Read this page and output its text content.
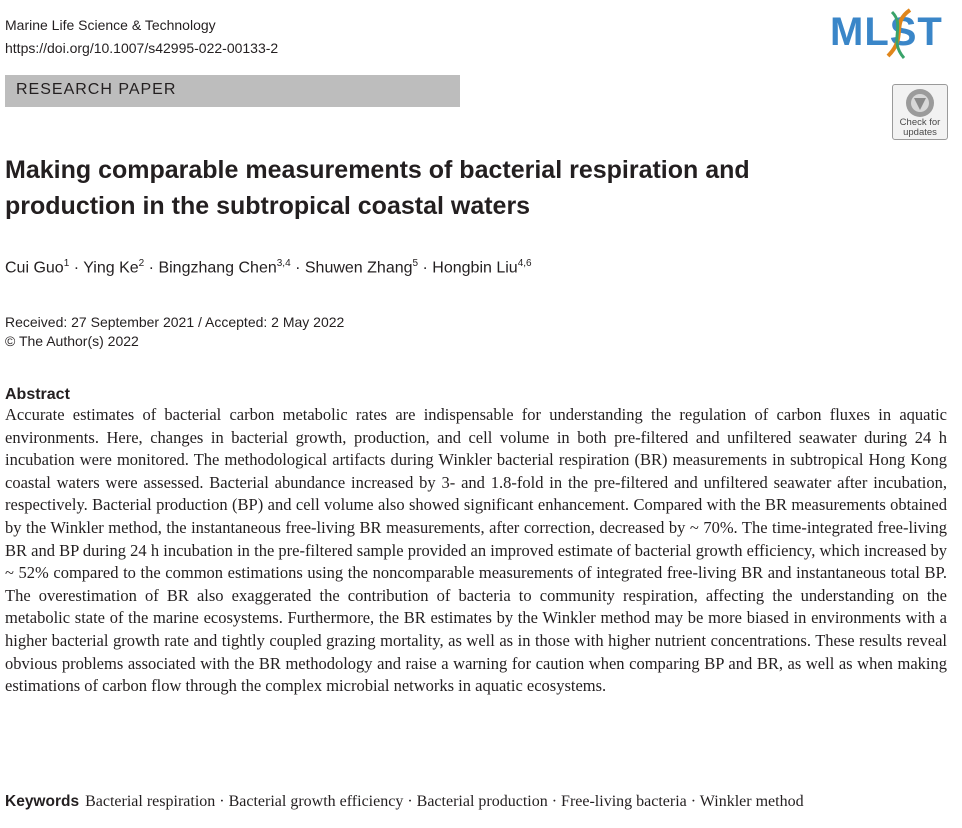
Marine Life Science & Technology
https://doi.org/10.1007/s42995-022-00133-2	MLST
RESEARCH PAPER
Check for
updates
Making comparable measurements of bacterial respiration and production in the subtropical coastal waters
Cui Guo$^1$ · Ying $Ke^2$ · Bingzhang Chen$^{3,4}$ · Shuwen Zhang$^5$ · Hongbin Liu$^{4,6}$
Received: 27 September 2021 / Accepted: 2 May 2022
© The Author(s) 2022
Abstract

Accurate estimates of bacterial carbon metabolic rates are indispensable for understanding the regulation of carbon fluxes in aquatic environments. Here, changes in bacterial growth, production, and cell volume in both pre-filtered and unfiltered seawater during 24 h incubation were monitored. The methodological artifacts during Winkler bacterial respiration (BR) measurements in subtropical Hong Kong coastal waters were assessed. Bacterial abundance increased by 3- and 1.8-fold in the pre-filtered and unfiltered seawater after incubation, respectively. Bacterial production (BP) and cell volume also showed significant enhancement. Compared with the BR measurements obtained by the Winkler method, the instantaneous free-living BR measurements, after correction, decreased by ~ 70%. The time-integrated free-living BR and BP during 24 h incubation in the pre-filtered sample provided an improved estimate of bacterial growth efficiency, which increased by ~ 52% compared to the common estimations using the noncomparable measurements of integrated free-living BR and instantaneous total BP. The overestimation of BR also exaggerated the contribution of bacteria to community respiration, affecting the understanding on the metabolic state of the marine ecosystems. Furthermore, the BR estimates by the Winkler method may be more biased in environments with a higher bacterial growth rate and tightly coupled grazing mortality, as well as in those with higher nutrient concentrations. These results reveal obvious problems associated with the BR methodology and raise a warning for caution when comparing BP and BR, as well as when making estimations of carbon flow through the complex microbial networks in aquatic ecosystems.

Keywords Bacterial respiration · Bacterial growth efficiency · Bacterial production · Free-living bacteria · Winkler method
